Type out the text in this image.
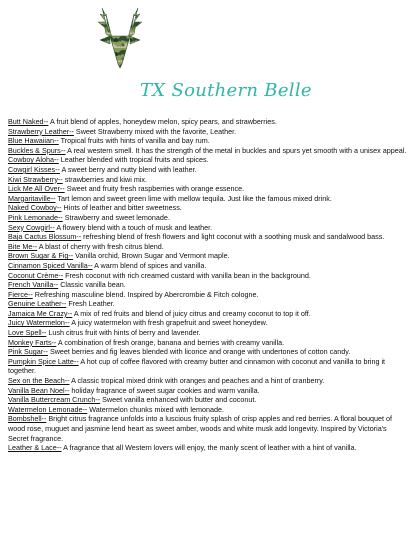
TX Southern Belle

Butt Naked-- A fruit blend of apples, honeydew melon, spicy pears, and strawberries.

Strawberry Leather-- Sweet Strawberry mixed with the favorite, Leather.

Blue Hawaiian-- Tropical fruits with hints of vanilla and bay rum.

Buckles & Spurs-- A real western smell. It has the strength of the metal in buckles and spurs yet smooth with a unisex appeal.

Cowboy Aloha-- Leather blended with tropical fruits and spices.

Cowgirl Kisses-- A sweet berry and nutty blend with leather.

Kiwi Strawberry-- strawberries and kiwi mix.

Lick Me All Over-- Sweet and fruity fresh raspberries with orange essence.

Margaritaville-- Tart lemon and sweet green lime with mellow tequila. Just like the famous mixed drink.

Naked Cowboy-- Hints of leather and bitter sweetness.

Pink Lemonade-- Strawberry and sweet lemonade.

Sexy Cowgirl-- A flowery blend with a touch of musk and leather.

Baja Cactus Blossum-- refreshing blend of fresh flowers and light coconut with a soothing musk and sandalwood bass.

Bite Me-- A blast of cherry with fresh citrus blend.

Brown Sugar & Fig-- Vanilla orchid, Brown Sugar and Vermont maple.

Cinnamon Spiced Vanilla-- A warm blend of spices and vanilla.

Coconut Crème-- Fresh coconut with rich creamed custard with vanilla bean in the background.

French Vanilla-- Classic vanilla bean.

Fierce-- Refreshing masculine blend. Inspired by Abercrombie & Fitch cologne.

Genuine Leather-- Fresh Leather.

Jamaica Me Crazy-- A mix of red fruits and blend of juicy citrus and creamy coconut to top it off.

Juicy Watermelon-- A juicy watermelon with fresh grapefruit and sweet honeydew.

Love Spell-- Lush citrus fruit with hints of berry and lavender.

Monkey Farts-- A combination of fresh orange, banana and berries with creamy vanilla.

Pink Sugar-- Sweet berries and fig leaves blended with licorice and orange with undertones of cotton candy.

Pumpkin Spice Latte-- A hot cup of coffee flavored with creamy butter and cinnamon with coconut and vanilla to bring it together.

Sex on the Beach-- A classic tropical mixed drink with oranges and peaches and a hint of cranberry.

Vanilla Bean Noel-- holiday fragrance of sweet sugar cookies and warm vanilla.

Vanilla Buttercream Crunch-- Sweet vanilla enhanced with butter and coconut.

Watermelon Lemonade-- Watermelon chunks mixed with lemonade.

Bombshell-- Bright citrus fragrance unfolds into a luscious fruity splash of crisp apples and red berries. A floral bouquet of wood rose, muguet and jasmine lend heart as sweet amber, woods and white musk add longevity. Inspired by Victoria's Secret fragrance.

Leather & Lace-- A fragrance that all Western lovers will enjoy, the manly scent of leather with a hint of vanilla.
